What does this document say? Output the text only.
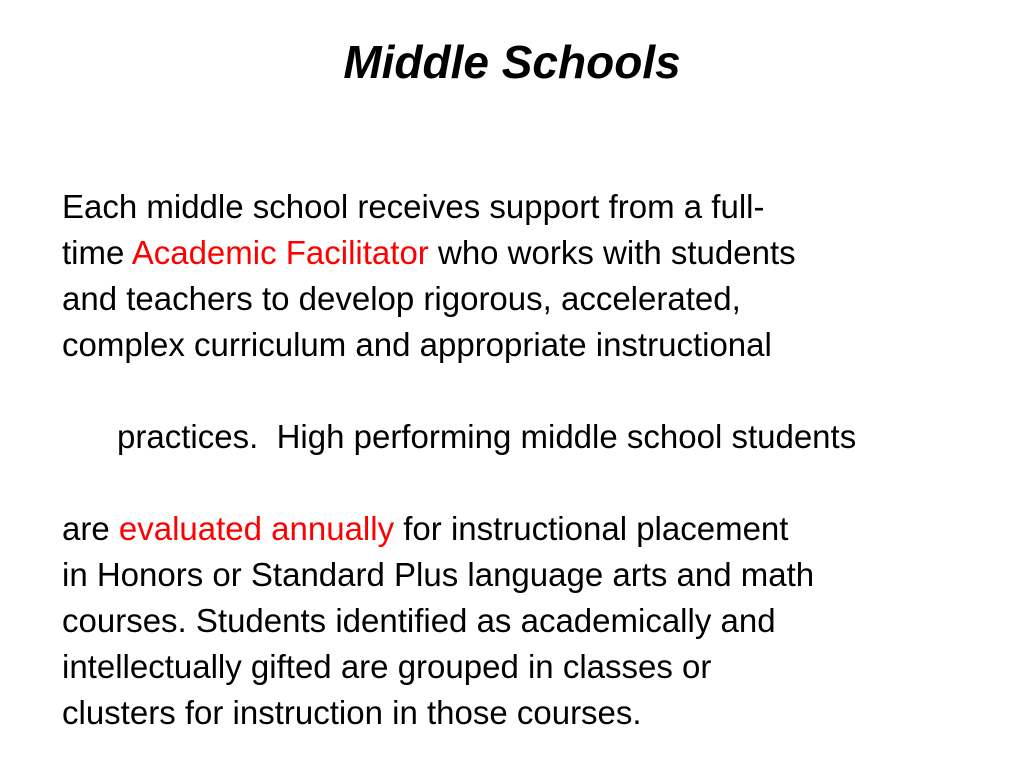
Middle Schools
Each middle school receives support from a full-
time Academic Facilitator who works with students
and teachers to develop rigorous, accelerated,
complex curriculum and appropriate instructional

practices.  High performing middle school students

are evaluated annually for instructional placement
in Honors or Standard Plus language arts and math
courses. Students identified as academically and
intellectually gifted are grouped in classes or
clusters for instruction in those courses.
